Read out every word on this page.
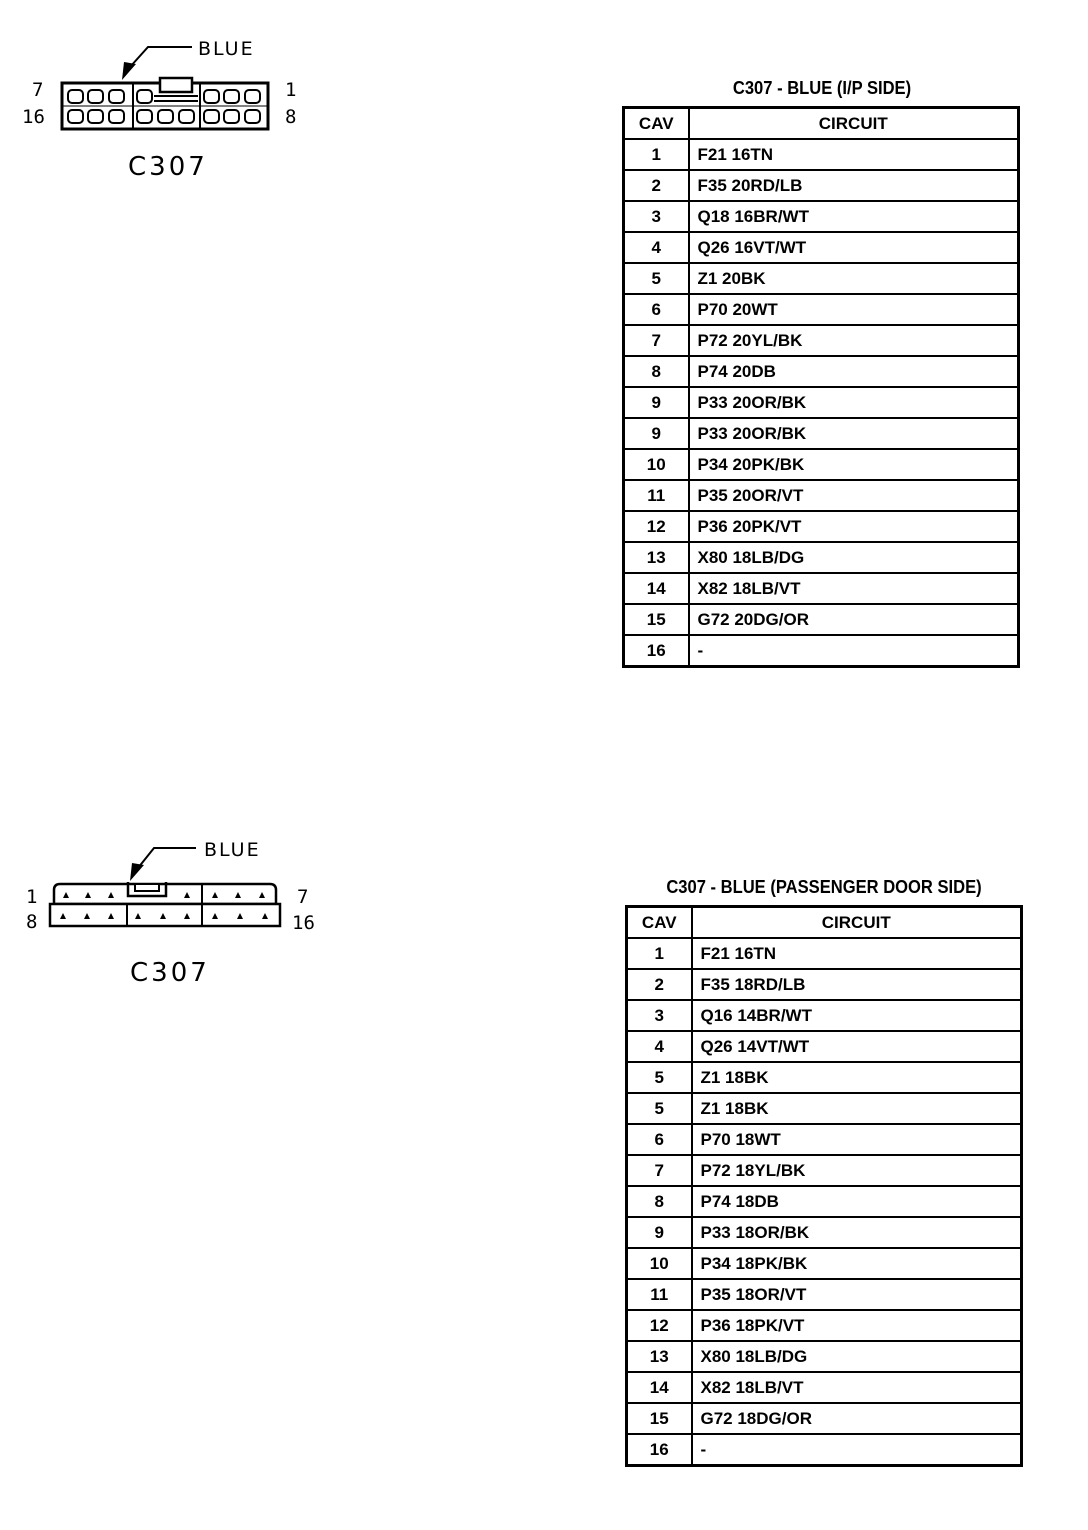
BLUE
7
16
1
8
C307
C307 - BLUE (I/P SIDE)
CAV	CIRCUIT
1	F21 16TN
2	F35 20RD/LB
3	Q18 16BR/WT
4	Q26 16VT/WT
5	Z1 20BK
6	P70 20WT
7	P72 20YL/BK
8	P74 20DB
9	P33 20OR/BK
9	P33 20OR/BK
10	P34 20PK/BK
11	P35 20OR/VT
12	P36 20PK/VT
13	X80 18LB/DG
14	X82 18LB/VT
15	G72 20DG/OR
16	-
BLUE
1
8
7
16
C307
C307 - BLUE (PASSENGER DOOR SIDE)
CAV	CIRCUIT
1	F21 16TN
2	F35 18RD/LB
3	Q16 14BR/WT
4	Q26 14VT/WT
5	Z1 18BK
5	Z1 18BK
6	P70 18WT
7	P72 18YL/BK
8	P74 18DB
9	P33 18OR/BK
10	P34 18PK/BK
11	P35 18OR/VT
12	P36 18PK/VT
13	X80 18LB/DG
14	X82 18LB/VT
15	G72 18DG/OR
16	-
